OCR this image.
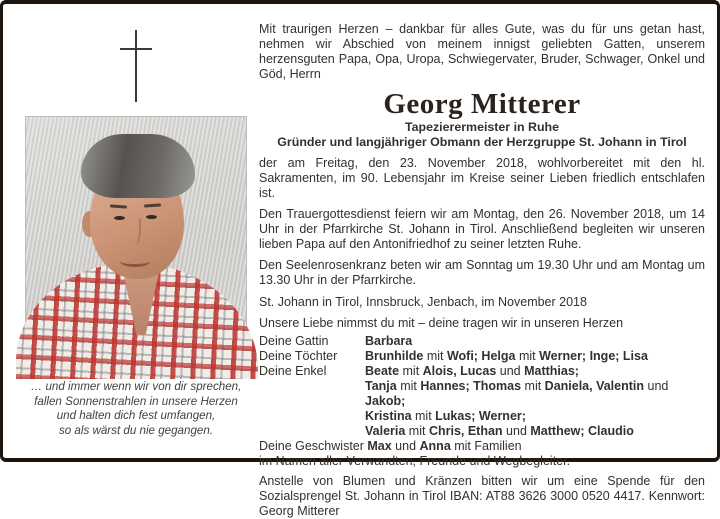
… und immer wenn wir von dir sprechen,
fallen Sonnenstrahlen in unsere Herzen
und halten dich fest umfangen,
so als wärst du nie gegangen.

Mit traurigen Herzen – dankbar für alles Gute, was du für uns getan hast, nehmen wir Abschied von meinem innigst geliebten Gatten, unserem herzensguten Papa, Opa, Uropa, Schwiegervater, Bruder, Schwager, Onkel und Göd, Herrn

Georg Mitterer

Tapezierermeister in Ruhe

Gründer und langjähriger Obmann der Herzgruppe St. Johann in Tirol

der am Freitag, den 23. November 2018, wohlvorbereitet mit den hl. Sakramenten, im 90. Lebensjahr im Kreise seiner Lieben friedlich entschlafen ist.

Den Trauergottesdienst feiern wir am Montag, den 26. November 2018, um 14 Uhr in der Pfarrkirche St. Johann in Tirol. Anschließend begleiten wir unseren lieben Papa auf den Antonifriedhof zu seiner letzten Ruhe.

Den Seelenrosenkranz beten wir am Sonntag um 19.30 Uhr und am Montag um 13.30 Uhr in der Pfarrkirche.

St. Johann in Tirol, Innsbruck, Jenbach, im November 2018

Unsere Liebe nimmst du mit – deine tragen wir in unseren Herzen

Deine Gattin	Barbara
Deine Töchter	Brunhilde mit Wofi; Helga mit Werner; Inge; Lisa
Deine Enkel	Beate mit Alois, Lucas und Matthias;
Tanja mit Hannes; Thomas mit Daniela, Valentin und Jakob;
Kristina mit Lukas; Werner;
Valeria mit Chris, Ethan und Matthew; Claudio
Deine Geschwister Max und Anna mit Familien
im Namen aller Verwandten, Freunde und Wegbegleiter.

Anstelle von Blumen und Kränzen bitten wir um eine Spende für den Sozialsprengel St. Johann in Tirol IBAN: AT88 3626 3000 0520 4417. Kennwort: Georg Mitterer
